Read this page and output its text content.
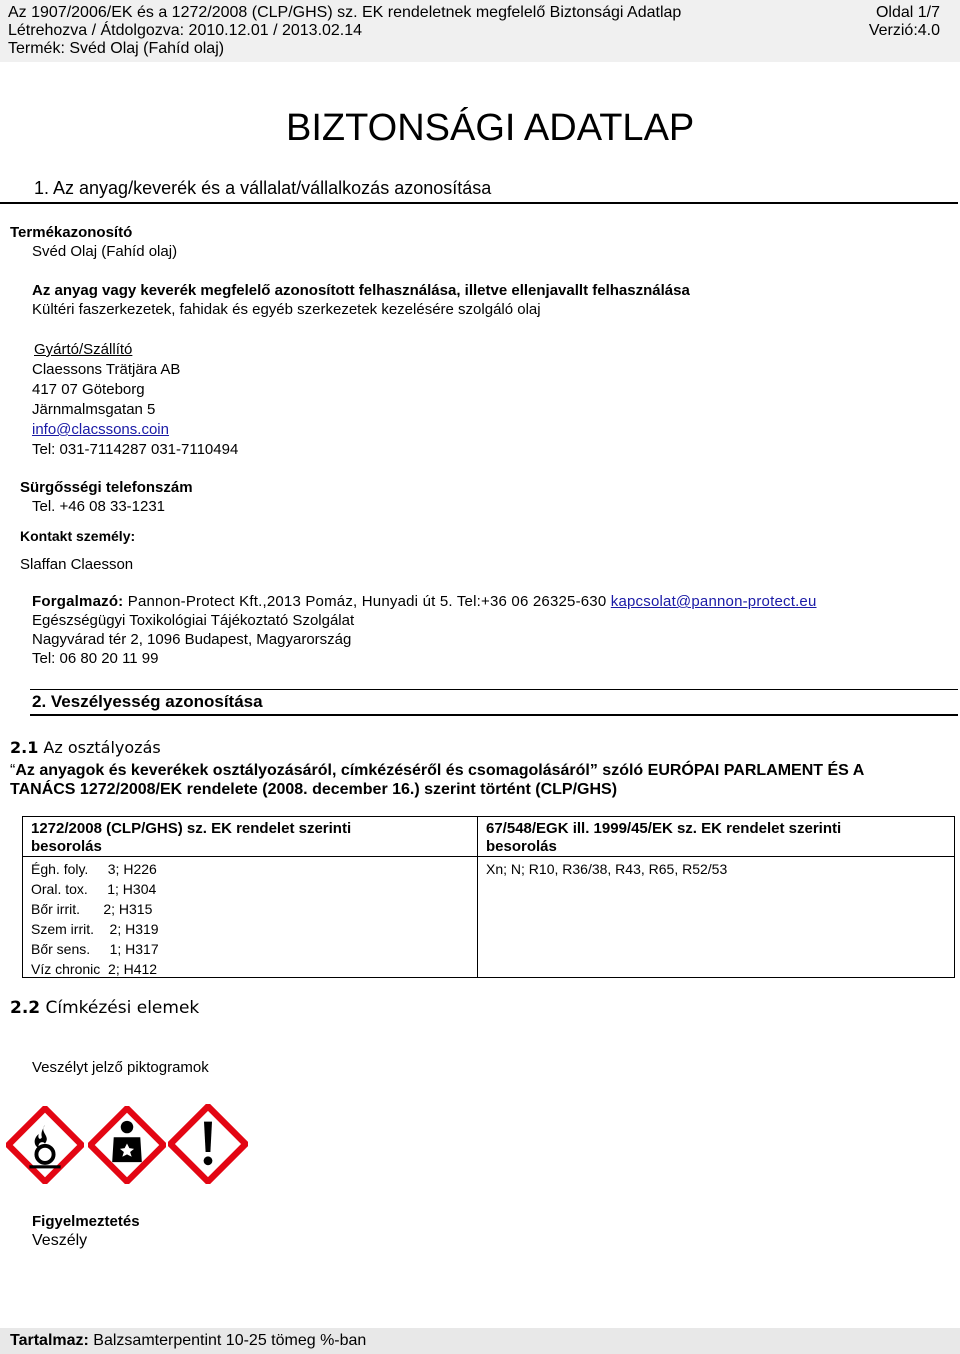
Az 1907/2006/EK és a 1272/2008 (CLP/GHS) sz. EK rendeletnek megfelelő Biztonsági Adatlap	Oldal 1/7
Létrehozva / Átdolgozva: 2010.12.01 / 2013.02.14	Verzió:4.0
Termék: Svéd Olaj (Fahíd olaj)
BIZTONSÁGI ADATLAP
1. Az anyag/keverék és a vállalat/vállalkozás azonosítása
Termékazonosító
Svéd Olaj (Fahíd olaj)
Az anyag vagy keverék megfelelő azonosított felhasználása, illetve ellenjavallt felhasználása
Kültéri faszerkezetek, fahidak és egyéb szerkezetek kezelésére szolgáló olaj
Gyártó/Szállító
Claessons Trätjära AB
417 07 Göteborg
Järnmalmsgatan 5
info@clacssons.coin
Tel: 031-7114287 031-7110494
Sürgősségi telefonszám
Tel. +46 08 33-1231
Kontakt személy:
Slaffan Claesson
Forgalmazó: Pannon-Protect Kft.,2013 Pomáz, Hunyadi út 5. Tel:+36 06 26325-630 kapcsolat@pannon-protect.eu
Egészségügyi Toxikológiai Tájékoztató Szolgálat
Nagyvárad tér 2, 1096 Budapest, Magyarország
Tel: 06 80 20 11 99
2. Veszélyesség azonosítása
2.1 Az osztályozás
“Az anyagok és keverékek osztályozásáról, címkézéséről és csomagolásáról” szóló EURÓPAI PARLAMENT ÉS A
TANÁCS 1272/2008/EK rendelete (2008. december 16.) szerint történt (CLP/GHS)
1272/2008 (CLP/GHS) sz. EK rendelet szerinti
besorolás
Égh. foly.     3; H226
Oral. tox.     1; H304
Bőr irrit.      2; H315
Szem irrit.    2; H319
Bőr sens.     1; H317
Víz chronic  2; H412
67/548/EGK ill. 1999/45/EK sz. EK rendelet szerinti
besorolás
Xn; N; R10, R36/38, R43, R65, R52/53
2.2 Címkézési elemek
Veszélyt jelző piktogramok
Figyelmeztetés
Veszély
Tartalmaz: Balzsamterpentint 10-25 tömeg %-ban
